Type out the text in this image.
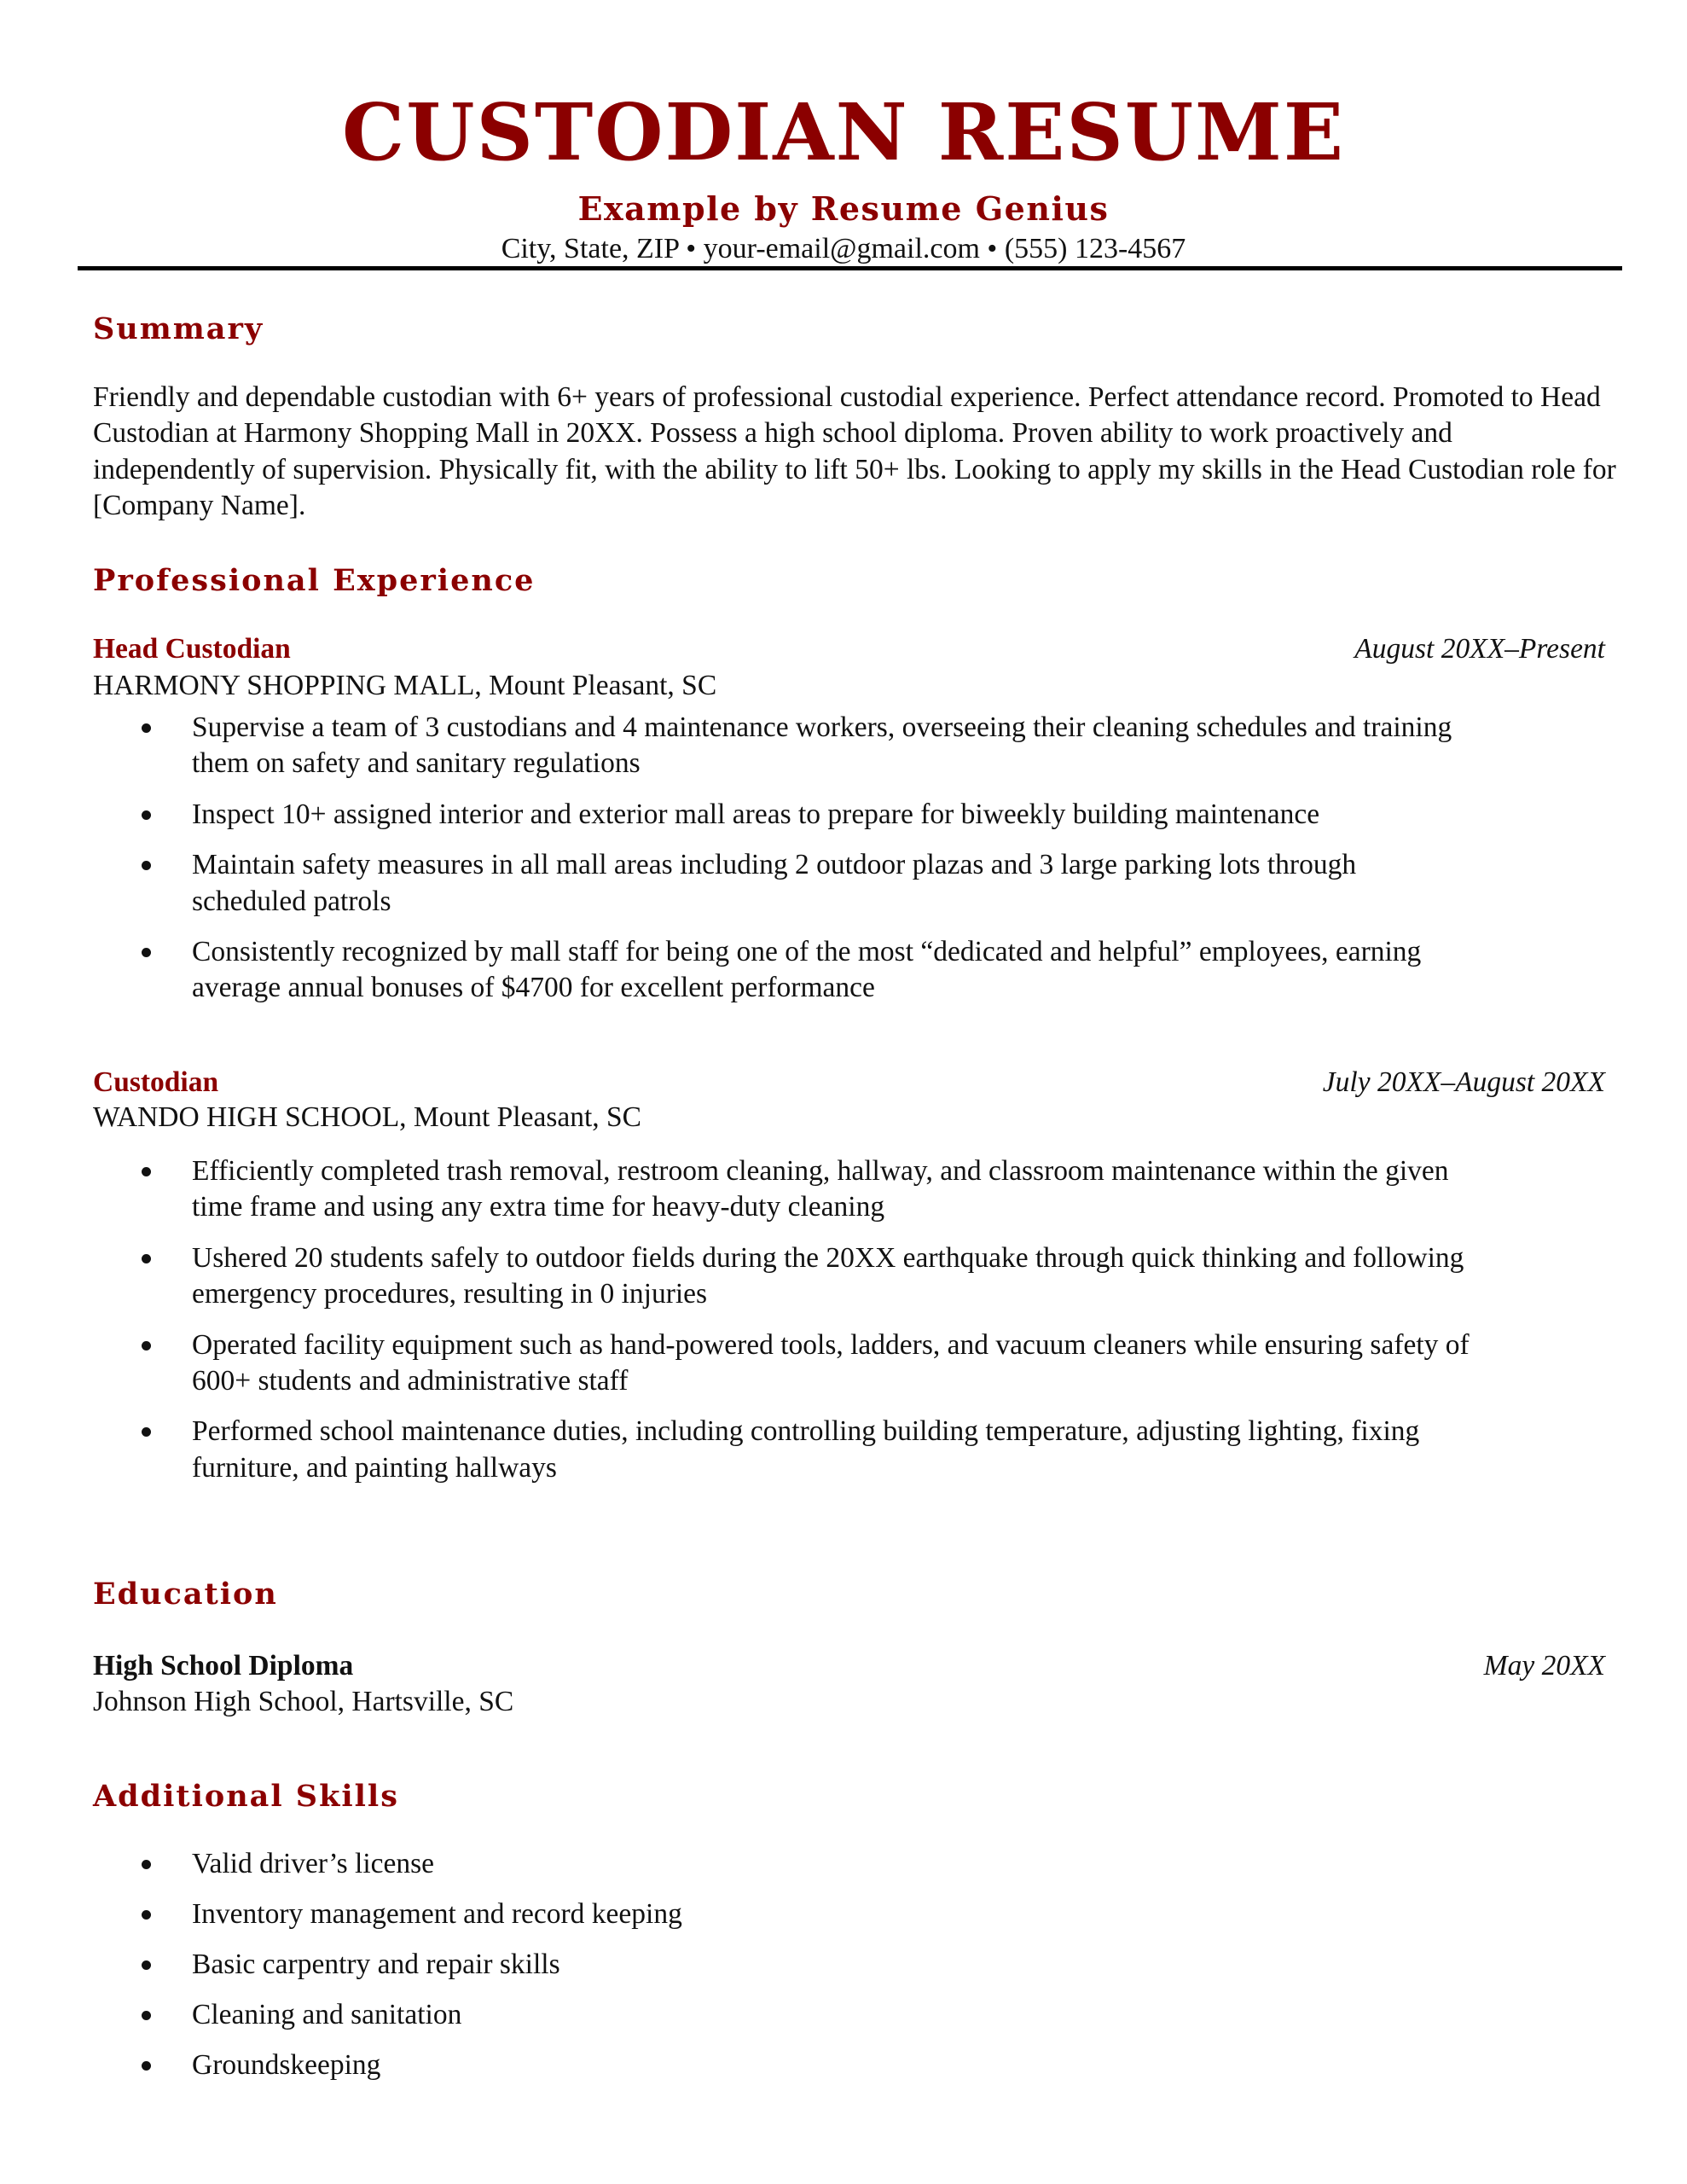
CUSTODIAN RESUME
Example by Resume Genius
City, State, ZIP • your-email@gmail.com • (555) 123-4567
Summary
Friendly and dependable custodian with 6+ years of professional custodial experience. Perfect attendance record. Promoted to Head Custodian at Harmony Shopping Mall in 20XX. Possess a high school diploma. Proven ability to work proactively and independently of supervision. Physically fit, with the ability to lift 50+ lbs. Looking to apply my skills in the Head Custodian role for [Company Name].
Professional Experience
Head Custodian	August 20XX–Present
HARMONY SHOPPING MALL, Mount Pleasant, SC
Supervise a team of 3 custodians and 4 maintenance workers, overseeing their cleaning schedules and training them on safety and sanitary regulations
Inspect 10+ assigned interior and exterior mall areas to prepare for biweekly building maintenance
Maintain safety measures in all mall areas including 2 outdoor plazas and 3 large parking lots through scheduled patrols
Consistently recognized by mall staff for being one of the most “dedicated and helpful” employees, earning average annual bonuses of $4700 for excellent performance
Custodian	July 20XX–August 20XX
WANDO HIGH SCHOOL, Mount Pleasant, SC
Efficiently completed trash removal, restroom cleaning, hallway, and classroom maintenance within the given time frame and using any extra time for heavy-duty cleaning
Ushered 20 students safely to outdoor fields during the 20XX earthquake through quick thinking and following emergency procedures, resulting in 0 injuries
Operated facility equipment such as hand-powered tools, ladders, and vacuum cleaners while ensuring safety of 600+ students and administrative staff
Performed school maintenance duties, including controlling building temperature, adjusting lighting, fixing furniture, and painting hallways
Education
High School Diploma	May 20XX
Johnson High School, Hartsville, SC
Additional Skills
Valid driver’s license
Inventory management and record keeping
Basic carpentry and repair skills
Cleaning and sanitation
Groundskeeping
